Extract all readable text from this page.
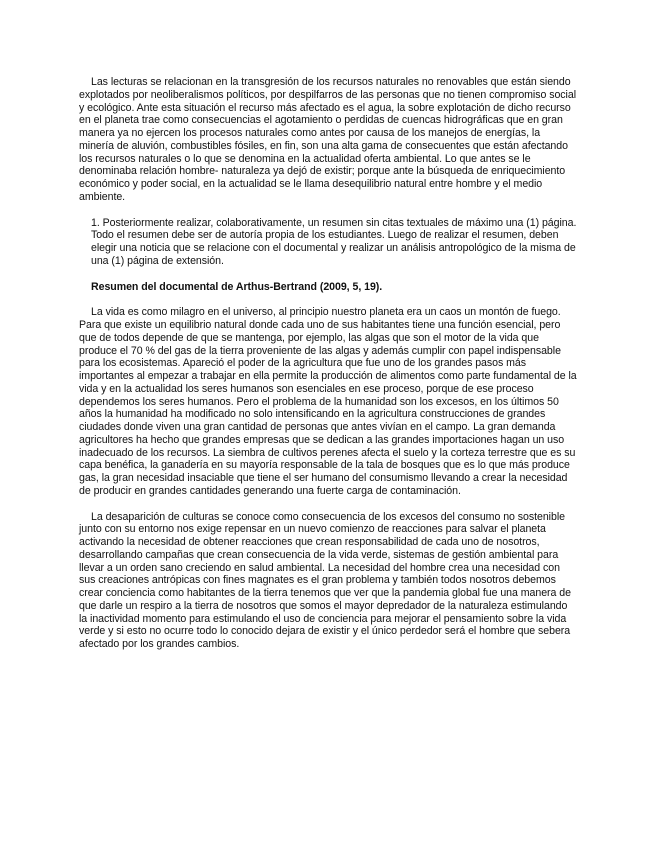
Las lecturas se relacionan en la transgresión de los recursos naturales no renovables que están siendo explotados por neoliberalismos políticos, por despilfarros de las personas que no tienen compromiso social y ecológico. Ante esta situación el recurso más afectado es el agua, la sobre explotación de dicho recurso en el planeta trae como consecuencias el agotamiento o perdidas de cuencas hidrográficas que en gran manera ya no ejercen los procesos naturales como antes por causa de los manejos de energías, la minería de aluvión, combustibles fósiles, en fin, son una alta gama de consecuentes que están afectando los recursos naturales o lo que se denomina en la actualidad oferta ambiental. Lo que antes se le denominaba relación hombre- naturaleza ya dejó de existir; porque ante la búsqueda de enriquecimiento económico y poder social, en la actualidad se le llama desequilibrio natural entre hombre y el medio ambiente.

1. Posteriormente realizar, colaborativamente, un resumen sin citas textuales de máximo una (1) página. Todo el resumen debe ser de autoría propia de los estudiantes. Luego de realizar el resumen, deben elegir una noticia que se relacione con el documental y realizar un análisis antropológico de la misma de una (1) página de extensión.

Resumen del documental de Arthus-Bertrand (2009, 5, 19).

La vida es como milagro en el universo, al principio nuestro planeta era un caos un montón de fuego. Para que existe un equilibrio natural donde cada uno de sus habitantes tiene una función esencial, pero que de todos depende de que se mantenga, por ejemplo, las algas que son el motor de la vida que produce el 70 % del gas de la tierra proveniente de las algas y además cumplir con papel indispensable para los ecosistemas. Apareció el poder de la agricultura que fue uno de los grandes pasos más importantes al empezar a trabajar en ella permite la producción de alimentos como parte fundamental de la vida y en la actualidad los seres humanos son esenciales en ese proceso, porque de ese proceso dependemos los seres humanos. Pero el problema de la humanidad son los excesos, en los últimos 50 años la humanidad ha modificado no solo intensificando en la agricultura construcciones de grandes ciudades donde viven una gran cantidad de personas que antes vivían en el campo. La gran demanda agricultores ha hecho que grandes empresas que se dedican a las grandes importaciones hagan un uso inadecuado de los recursos. La siembra de cultivos perenes afecta el suelo y la corteza terrestre que es su capa benéfica, la ganadería en su mayoría responsable de la tala de bosques que es lo que más produce gas, la gran necesidad insaciable que tiene el ser humano del consumismo llevando a crear la necesidad de producir en grandes cantidades generando una fuerte carga de contaminación.

La desaparición de culturas se conoce como consecuencia de los excesos del consumo no sostenible junto con su entorno nos exige repensar en un nuevo comienzo de reacciones para salvar el planeta activando la necesidad de obtener reacciones que crean responsabilidad de cada uno de nosotros, desarrollando campañas que crean consecuencia de la vida verde, sistemas de gestión ambiental para llevar a un orden sano creciendo en salud ambiental. La necesidad del hombre crea una necesidad con sus creaciones antrópicas con fines magnates es el gran problema y también todos nosotros debemos crear conciencia como habitantes de la tierra tenemos que ver que la pandemia global fue una manera de que darle un respiro a la tierra de nosotros que somos el mayor depredador de la naturaleza estimulando la inactividad momento para estimulando el uso de conciencia para mejorar el pensamiento sobre la vida verde y si esto no ocurre todo lo conocido dejara de existir y el único perdedor será el hombre que sebera afectado por los grandes cambios.
